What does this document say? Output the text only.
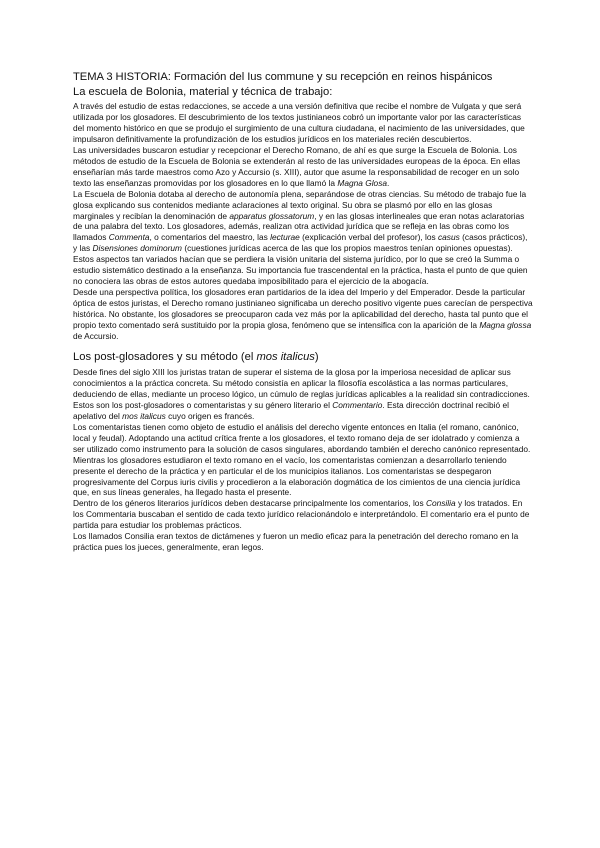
TEMA 3 HISTORIA: Formación del Ius commune y su recepción en reinos hispánicos
La escuela de Bolonia, material y técnica de trabajo:

A través del estudio de estas redacciones, se accede a una versión definitiva que recibe el nombre de Vulgata y que será utilizada por los glosadores. El descubrimiento de los textos justinianeos cobró un importante valor por las características del momento histórico en que se produjo el surgimiento de una cultura ciudadana, el nacimiento de las universidades, que impulsaron definitivamente la profundización de los estudios jurídicos en los materiales recién descubiertos.

Las universidades buscaron estudiar y recepcionar el Derecho Romano, de ahí es que surge la Escuela de Bolonia. Los métodos de estudio de la Escuela de Bolonia se extenderán al resto de las universidades europeas de la época. En ellas enseñarían más tarde maestros como Azo y Accursio (s. XIII), autor que asume la responsabilidad de recoger en un solo texto las enseñanzas promovidas por los glosadores en lo que llamó la Magna Glosa.

La Escuela de Bolonia dotaba al derecho de autonomía plena, separándose de otras ciencias. Su método de trabajo fue la glosa explicando sus contenidos mediante aclaraciones al texto original. Su obra se plasmó por ello en las glosas marginales y recibían la denominación de apparatus glossatorum, y en las glosas interlineales que eran notas aclaratorias de una palabra del texto. Los glosadores, además, realizan otra actividad jurídica que se refleja en las obras como los llamados Commenta, o comentarios del maestro, las lecturae (explicación verbal del profesor), los casus (casos prácticos), y las Disensiones dominorum (cuestiones jurídicas acerca de las que los propios maestros tenían opiniones opuestas).

Estos aspectos tan variados hacían que se perdiera la visión unitaria del sistema jurídico, por lo que se creó la Summa o estudio sistemático destinado a la enseñanza. Su importancia fue trascendental en la práctica, hasta el punto de que quien no conociera las obras de estos autores quedaba imposibilitado para el ejercicio de la abogacía.

Desde una perspectiva política, los glosadores eran partidarios de la idea del Imperio y del Emperador. Desde la particular óptica de estos juristas, el Derecho romano justinianeo significaba un derecho positivo vigente pues carecían de perspectiva histórica. No obstante, los glosadores se preocuparon cada vez más por la aplicabilidad del derecho, hasta tal punto que el propio texto comentado será sustituido por la propia glosa, fenómeno que se intensifica con la aparición de la Magna glossa de Accursio.

Los post-glosadores y su método (el mos italicus)

Desde fines del siglo XIII los juristas tratan de superar el sistema de la glosa por la imperiosa necesidad de aplicar sus conocimientos a la práctica concreta. Su método consistía en aplicar la filosofía escolástica a las normas particulares, deduciendo de ellas, mediante un proceso lógico, un cúmulo de reglas jurídicas aplicables a la realidad sin contradicciones. Estos son los post-glosadores o comentaristas y su género literario el Commentario. Esta dirección doctrinal recibió el apelativo del mos italicus cuyo origen es francés.

Los comentaristas tienen como objeto de estudio el análisis del derecho vigente entonces en Italia (el romano, canónico, local y feudal). Adoptando una actitud crítica frente a los glosadores, el texto romano deja de ser idolatrado y comienza a ser utilizado como instrumento para la solución de casos singulares, abordando también el derecho canónico representado. Mientras los glosadores estudiaron el texto romano en el vacío, los comentaristas comienzan a desarrollarlo teniendo presente el derecho de la práctica y en particular el de los municipios italianos. Los comentaristas se despegaron progresivamente del Corpus iuris civilis y procedieron a la elaboración dogmática de los cimientos de una ciencia jurídica que, en sus líneas generales, ha llegado hasta el presente.

Dentro de los géneros literarios jurídicos deben destacarse principalmente los comentarios, los Consilia y los tratados. En los Commentaria buscaban el sentido de cada texto jurídico relacionándolo e interpretándolo. El comentario era el punto de partida para estudiar los problemas prácticos.

Los llamados Consilia eran textos de dictámenes y fueron un medio eficaz para la penetración del derecho romano en la práctica pues los jueces, generalmente, eran legos.
